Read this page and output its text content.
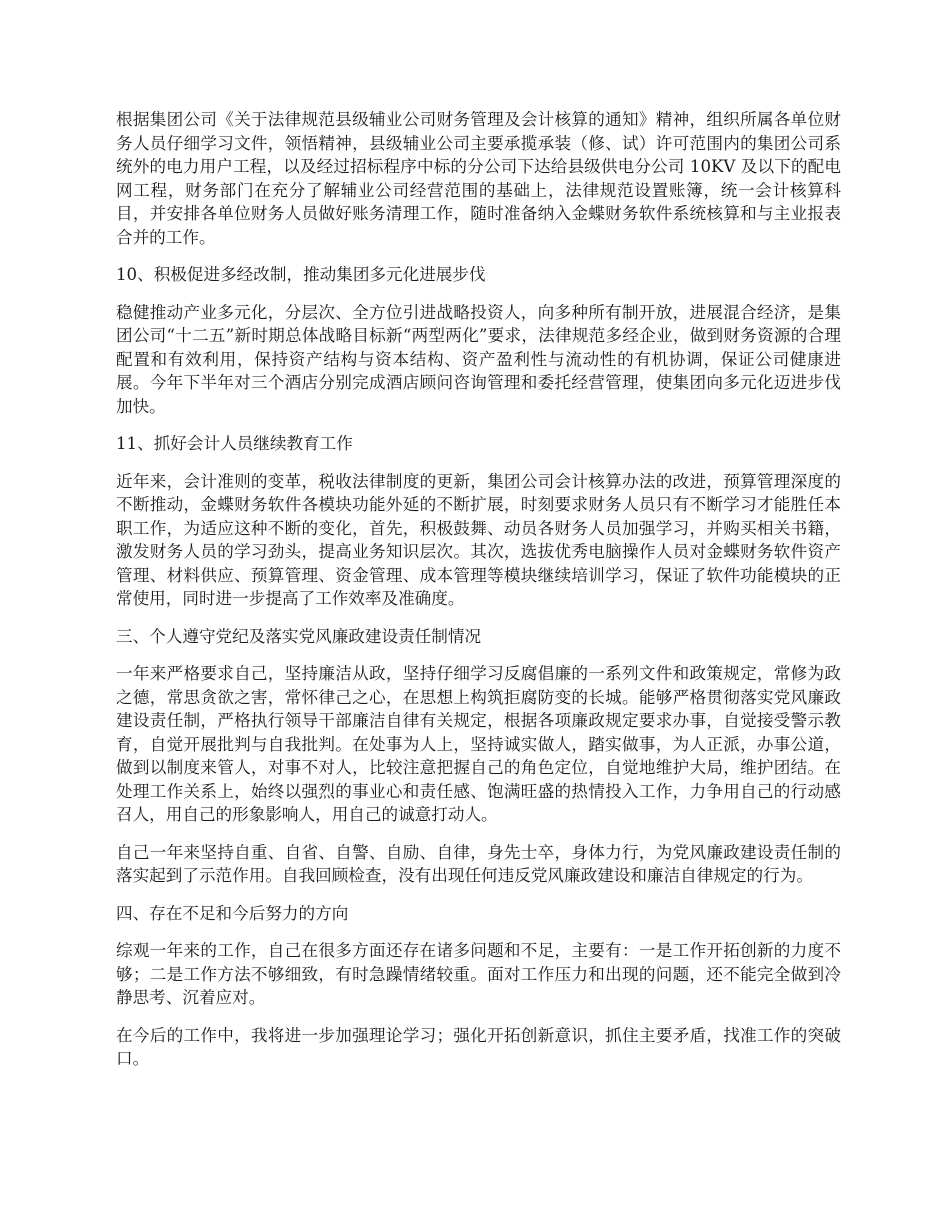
根据集团公司《关于法律规范县级辅业公司财务管理及会计核算的通知》精神，组织所属各单位财务人员仔细学习文件，领悟精神，县级辅业公司主要承揽承装（修、试）许可范围内的集团公司系统外的电力用户工程，以及经过招标程序中标的分公司下达给县级供电分公司 10KV 及以下的配电网工程，财务部门在充分了解辅业公司经营范围的基础上，法律规范设置账簿，统一会计核算科目，并安排各单位财务人员做好账务清理工作，随时准备纳入金蝶财务软件系统核算和与主业报表合并的工作。

10、积极促进多经改制，推动集团多元化进展步伐

稳健推动产业多元化，分层次、全方位引进战略投资人，向多种所有制开放，进展混合经济，是集团公司“十二五”新时期总体战略目标新“两型两化”要求，法律规范多经企业，做到财务资源的合理配置和有效利用，保持资产结构与资本结构、资产盈利性与流动性的有机协调，保证公司健康进展。今年下半年对三个酒店分别完成酒店顾问咨询管理和委托经营管理，使集团向多元化迈进步伐加快。

11、抓好会计人员继续教育工作

近年来，会计准则的变革，税收法律制度的更新，集团公司会计核算办法的改进，预算管理深度的不断推动，金蝶财务软件各模块功能外延的不断扩展，时刻要求财务人员只有不断学习才能胜任本职工作，为适应这种不断的变化，首先，积极鼓舞、动员各财务人员加强学习，并购买相关书籍，激发财务人员的学习劲头，提高业务知识层次。其次，选拔优秀电脑操作人员对金蝶财务软件资产管理、材料供应、预算管理、资金管理、成本管理等模块继续培训学习，保证了软件功能模块的正常使用，同时进一步提高了工作效率及准确度。

三、个人遵守党纪及落实党风廉政建设责任制情况

一年来严格要求自己，坚持廉洁从政，坚持仔细学习反腐倡廉的一系列文件和政策规定，常修为政之德，常思贪欲之害，常怀律己之心，在思想上构筑拒腐防变的长城。能够严格贯彻落实党风廉政建设责任制，严格执行领导干部廉洁自律有关规定，根据各项廉政规定要求办事，自觉接受警示教育，自觉开展批判与自我批判。在处事为人上，坚持诚实做人，踏实做事，为人正派，办事公道，做到以制度来管人，对事不对人，比较注意把握自己的角色定位，自觉地维护大局，维护团结。在处理工作关系上，始终以强烈的事业心和责任感、饱满旺盛的热情投入工作，力争用自己的行动感召人，用自己的形象影响人，用自己的诚意打动人。

自己一年来坚持自重、自省、自警、自励、自律，身先士卒，身体力行，为党风廉政建设责任制的落实起到了示范作用。自我回顾检查，没有出现任何违反党风廉政建设和廉洁自律规定的行为。

四、存在不足和今后努力的方向

综观一年来的工作，自己在很多方面还存在诸多问题和不足，主要有：一是工作开拓创新的力度不够；二是工作方法不够细致，有时急躁情绪较重。面对工作压力和出现的问题，还不能完全做到冷静思考、沉着应对。

在今后的工作中，我将进一步加强理论学习；强化开拓创新意识，抓住主要矛盾，找准工作的突破口。
